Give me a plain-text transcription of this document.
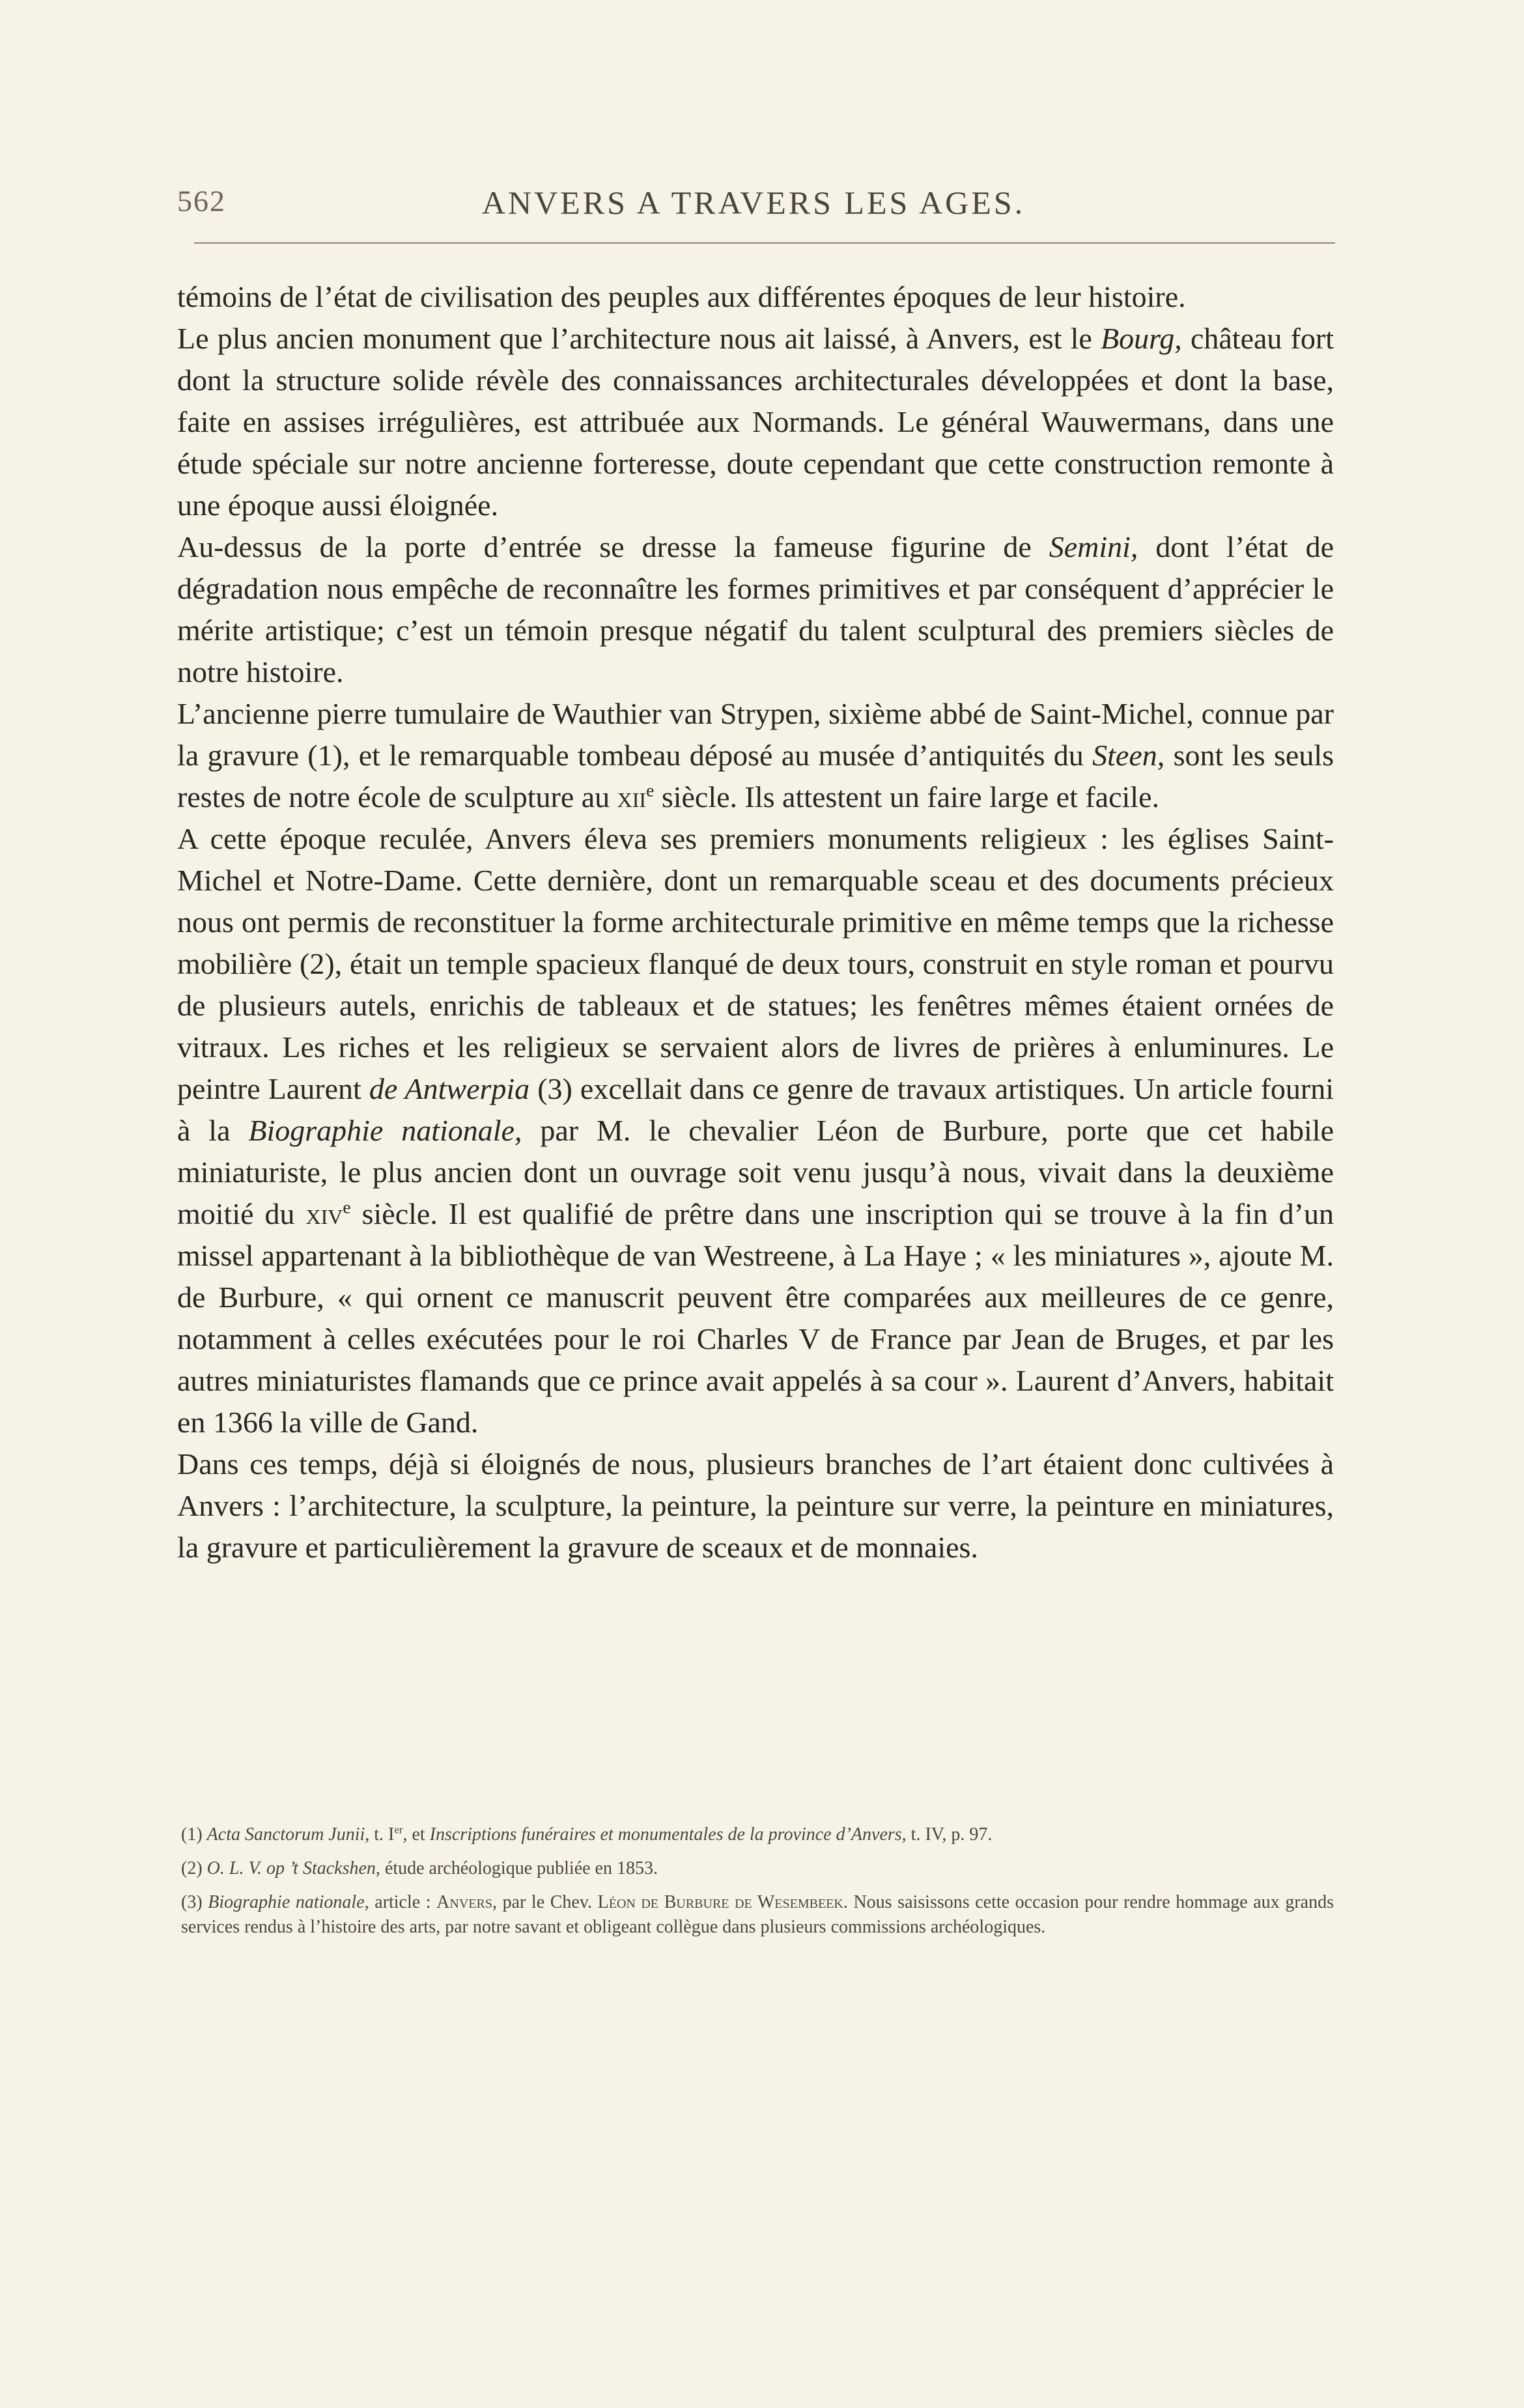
562	ANVERS A TRAVERS LES AGES.

témoins de l’état de civilisation des peuples aux différentes époques de leur histoire.

Le plus ancien monument que l’architecture nous ait laissé, à Anvers, est le Bourg, château fort dont la structure solide révèle des connaissances architecturales développées et dont la base, faite en assises irrégulières, est attribuée aux Normands. Le général Wauwermans, dans une étude spéciale sur notre ancienne forteresse, doute cependant que cette construction remonte à une époque aussi éloignée.

Au-dessus de la porte d’entrée se dresse la fameuse figurine de Semini, dont l’état de dégradation nous empêche de reconnaître les formes primitives et par conséquent d’apprécier le mérite artistique; c’est un témoin presque négatif du talent sculptural des premiers siècles de notre histoire.

L’ancienne pierre tumulaire de Wauthier van Strypen, sixième abbé de Saint-Michel, connue par la gravure (1), et le remarquable tombeau déposé au musée d’antiquités du Steen, sont les seuls restes de notre école de sculpture au xii$^e$ siècle. Ils attestent un faire large et facile.

A cette époque reculée, Anvers éleva ses premiers monuments religieux : les églises Saint-Michel et Notre-Dame. Cette dernière, dont un remarquable sceau et des documents précieux nous ont permis de reconstituer la forme architecturale primitive en même temps que la richesse mobilière (2), était un temple spacieux flanqué de deux tours, construit en style roman et pourvu de plusieurs autels, enrichis de tableaux et de statues; les fenêtres mêmes étaient ornées de vitraux. Les riches et les religieux se servaient alors de livres de prières à enluminures. Le peintre Laurent de Antwerpia (3) excellait dans ce genre de travaux artistiques. Un article fourni à la Biographie nationale, par M. le chevalier Léon de Burbure, porte que cet habile miniaturiste, le plus ancien dont un ouvrage soit venu jusqu’à nous, vivait dans la deuxième moitié du xiv$^e$ siècle. Il est qualifié de prêtre dans une inscription qui se trouve à la fin d’un missel appartenant à la bibliothèque de van Westreene, à La Haye ; « les miniatures », ajoute M. de Burbure, « qui ornent ce manuscrit peuvent être comparées aux meilleures de ce genre, notamment à celles exécutées pour le roi Charles V de France par Jean de Bruges, et par les autres miniaturistes flamands que ce prince avait appelés à sa cour ». Laurent d’Anvers, habitait en 1366 la ville de Gand.

Dans ces temps, déjà si éloignés de nous, plusieurs branches de l’art étaient donc cultivées à Anvers : l’architecture, la sculpture, la peinture, la peinture sur verre, la peinture en miniatures, la gravure et particulièrement la gravure de sceaux et de monnaies.

(1) Acta Sanctorum Junii, t. Ier, et Inscriptions funéraires et monumentales de la province d’Anvers, t. IV, p. 97.

(2) O. L. V. op ’t Stackshen, étude archéologique publiée en 1853.

(3) Biographie nationale, article : Anvers, par le Chev. Léon de Burbure de Wesembeek. Nous saisissons cette occasion pour rendre hommage aux grands services rendus à l’histoire des arts, par notre savant et obligeant collègue dans plusieurs commissions archéologiques.
